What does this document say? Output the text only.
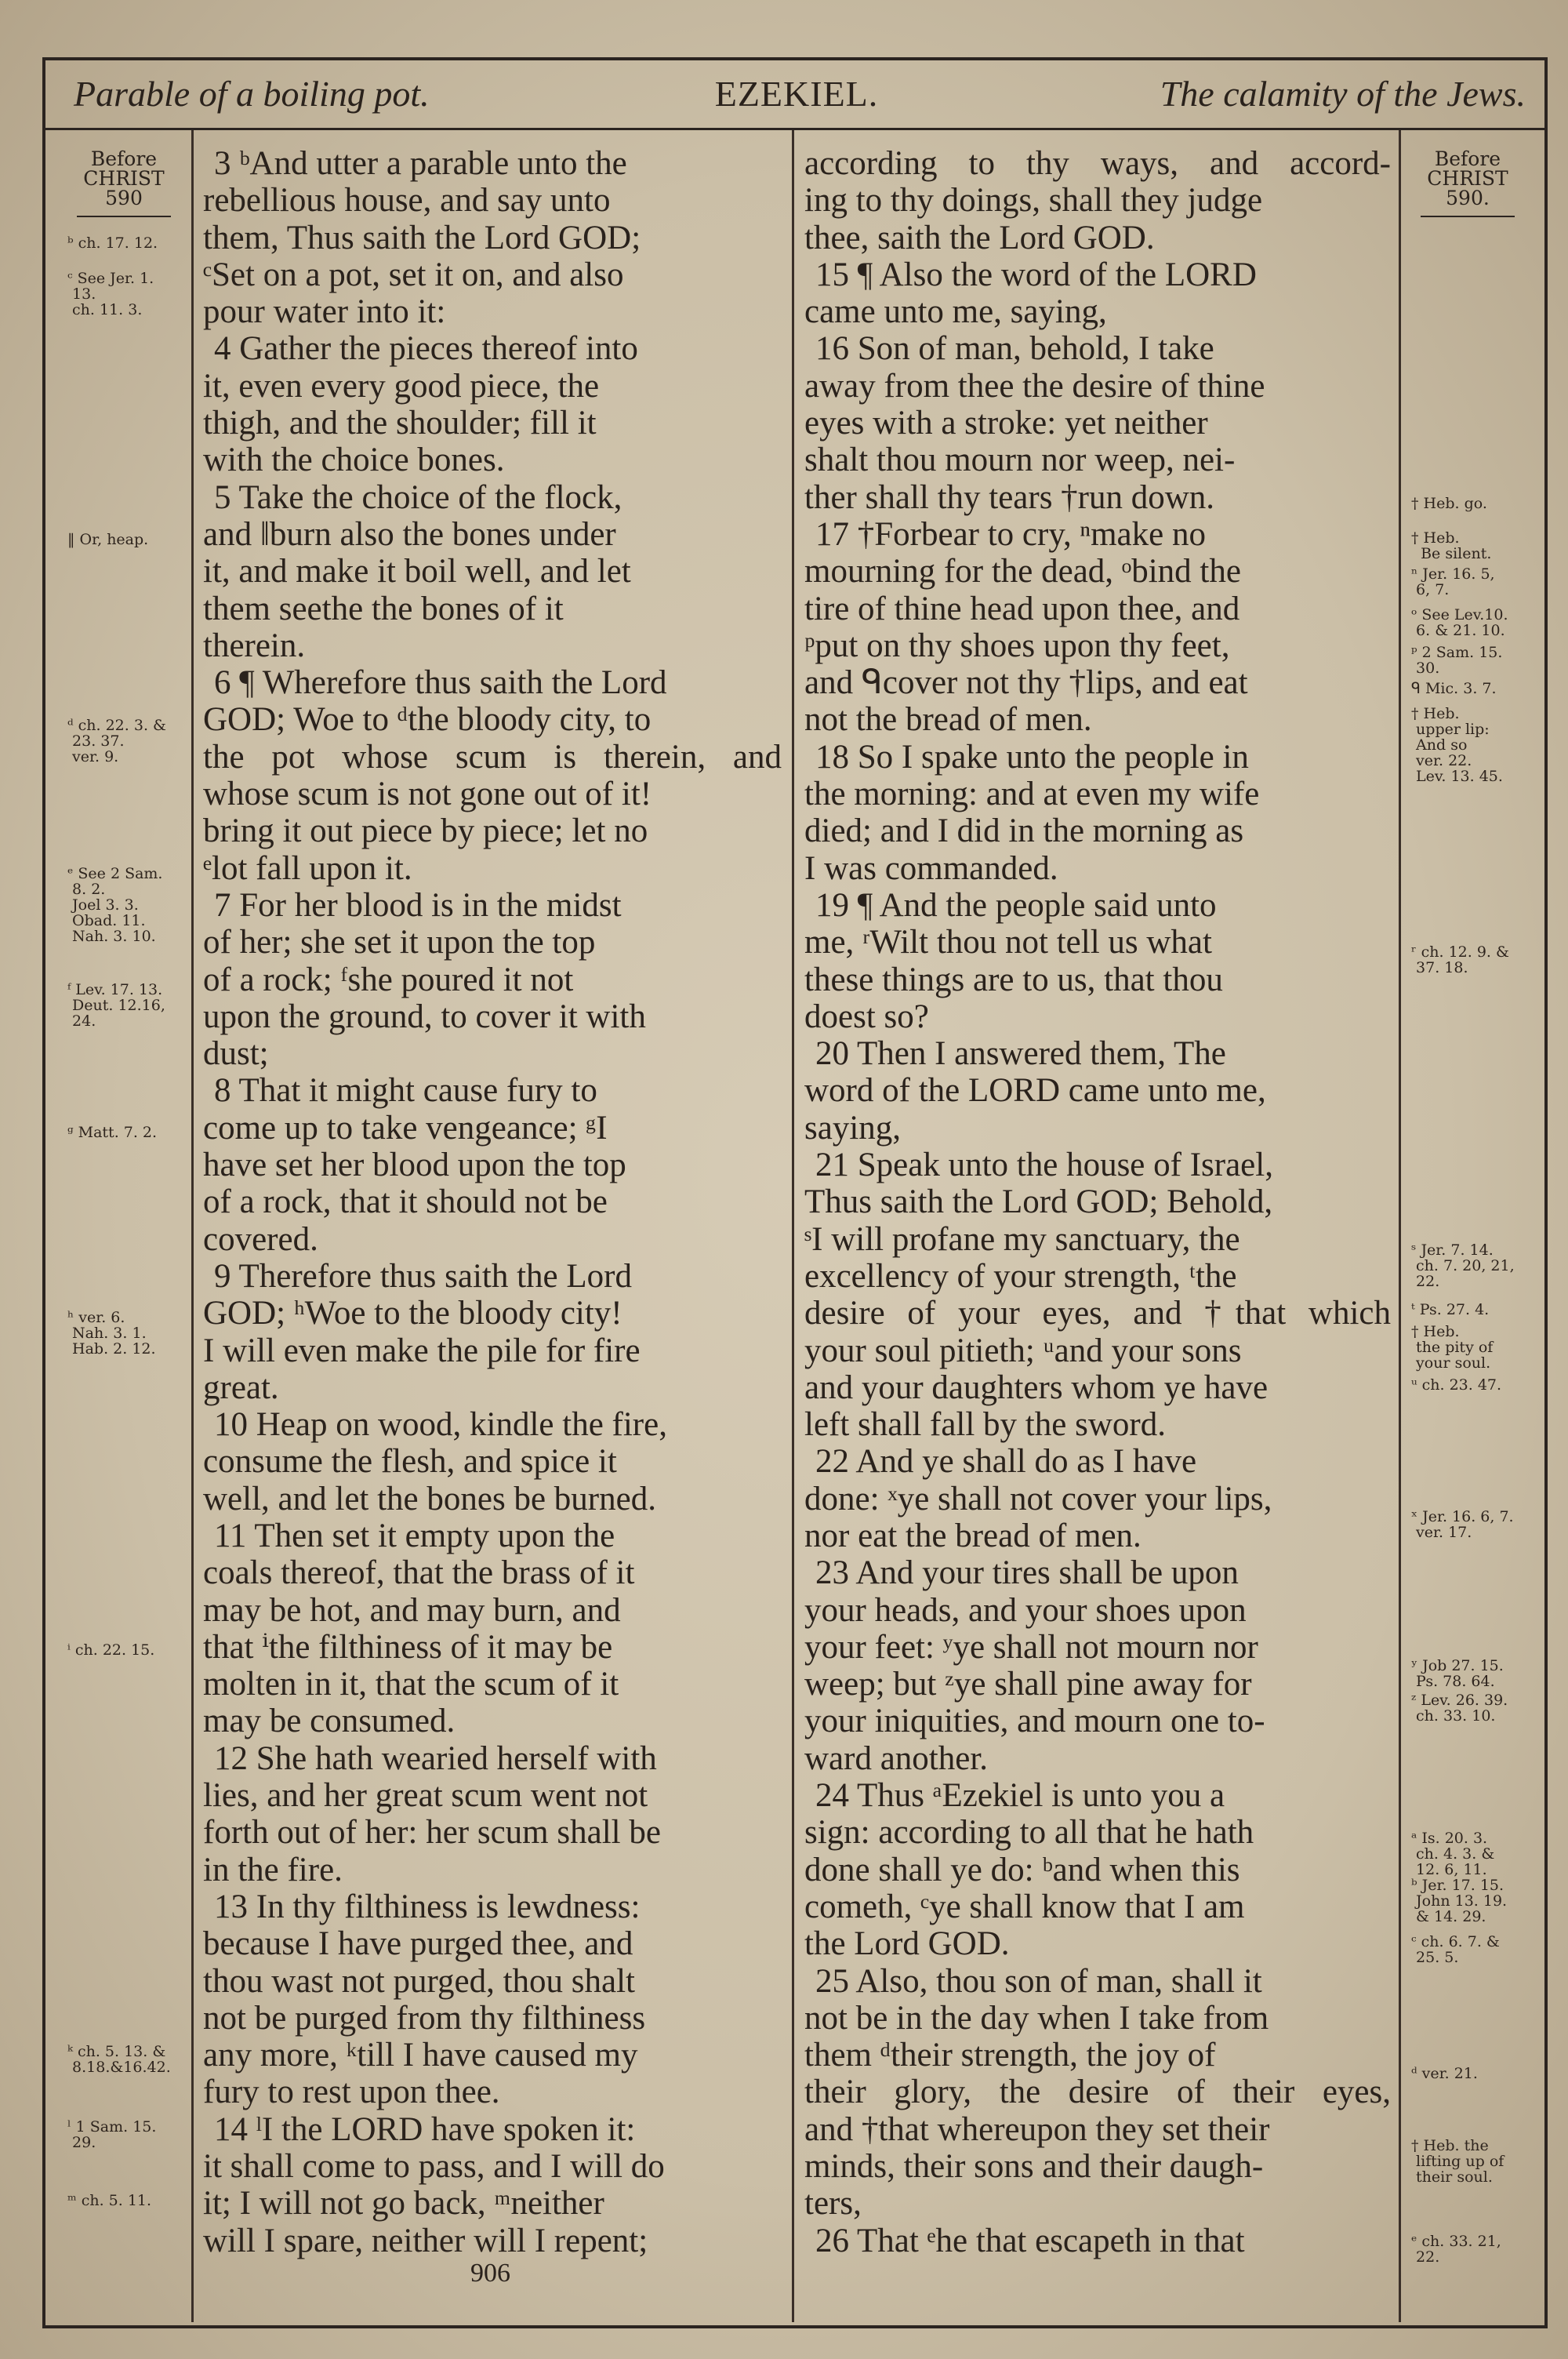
Parable of a boiling pot.	EZEKIEL.	The calamity of the Jews.
Before
CHRIST
590
Before
CHRIST
590.
3 ᵇAnd utter a parable unto the
rebellious house, and say unto
them, Thus saith the Lord GOD;
ᶜSet on a pot, set it on, and also
pour water into it:
4 Gather the pieces thereof into
it, even every good piece, the
thigh, and the shoulder; fill it
with the choice bones.
5 Take the choice of the flock,
and ‖burn also the bones under
it, and make it boil well, and let
them seethe the bones of it
therein.
6 ¶ Wherefore thus saith the Lord
GOD; Woe to ᵈthe bloody city, to
the pot whose scum is therein, and
whose scum is not gone out of it!
bring it out piece by piece; let no
ᵉlot fall upon it.
7 For her blood is in the midst
of her; she set it upon the top
of a rock; ᶠshe poured it not
upon the ground, to cover it with
dust;
8 That it might cause fury to
come up to take vengeance; ᵍI
have set her blood upon the top
of a rock, that it should not be
covered.
9 Therefore thus saith the Lord
GOD; ʰWoe to the bloody city!
I will even make the pile for fire
great.
10 Heap on wood, kindle the fire,
consume the flesh, and spice it
well, and let the bones be burned.
11 Then set it empty upon the
coals thereof, that the brass of it
may be hot, and may burn, and
that ⁱthe filthiness of it may be
molten in it, that the scum of it
may be consumed.
12 She hath wearied herself with
lies, and her great scum went not
forth out of her: her scum shall be
in the fire.
13 In thy filthiness is lewdness:
because I have purged thee, and
thou wast not purged, thou shalt
not be purged from thy filthiness
any more, ᵏtill I have caused my
fury to rest upon thee.
14 ˡI the LORD have spoken it:
it shall come to pass, and I will do
it; I will not go back, ᵐneither
will I spare, neither will I repent;
according to thy ways, and accord-
ing to thy doings, shall they judge
thee, saith the Lord GOD.
15 ¶ Also the word of the LORD
came unto me, saying,
16 Son of man, behold, I take
away from thee the desire of thine
eyes with a stroke: yet neither
shalt thou mourn nor weep, nei-
ther shall thy tears †run down.
17 †Forbear to cry, ⁿmake no
mourning for the dead, ᵒbind the
tire of thine head upon thee, and
ᵖput on thy shoes upon thy feet,
and ᑫcover not thy †lips, and eat
not the bread of men.
18 So I spake unto the people in
the morning: and at even my wife
died; and I did in the morning as
I was commanded.
19 ¶ And the people said unto
me, ʳWilt thou not tell us what
these things are to us, that thou
doest so?
20 Then I answered them, The
word of the LORD came unto me,
saying,
21 Speak unto the house of Israel,
Thus saith the Lord GOD; Behold,
ˢI will profane my sanctuary, the
excellency of your strength, ᵗthe
desire of your eyes, and †that which
your soul pitieth; ᵘand your sons
and your daughters whom ye have
left shall fall by the sword.
22 And ye shall do as I have
done: ˣye shall not cover your lips,
nor eat the bread of men.
23 And your tires shall be upon
your heads, and your shoes upon
your feet: ʸye shall not mourn nor
weep; but ᶻye shall pine away for
your iniquities, and mourn one to-
ward another.
24 Thus ᵃEzekiel is unto you a
sign: according to all that he hath
done shall ye do: ᵇand when this
cometh, ᶜye shall know that I am
the Lord GOD.
25 Also, thou son of man, shall it
not be in the day when I take from
them ᵈtheir strength, the joy of
their glory, the desire of their eyes,
and †that whereupon they set their
minds, their sons and their daugh-
ters,
26 That ᵉhe that escapeth in that
ᵇ ch. 17. 12.
ᶜ See Jer. 1.
13.
ch. 11. 3.
‖ Or, heap.
ᵈ ch. 22. 3. &
23. 37.
ver. 9.
ᵉ See 2 Sam.
8. 2.
Joel 3. 3.
Obad. 11.
Nah. 3. 10.
ᶠ Lev. 17. 13.
Deut. 12.16,
24.
ᵍ Matt. 7. 2.
ʰ ver. 6.
Nah. 3. 1.
Hab. 2. 12.
ⁱ ch. 22. 15.
ᵏ ch. 5. 13. &
8.18.&16.42.
ˡ 1 Sam. 15.
29.
ᵐ ch. 5. 11.
† Heb. go.
† Heb.
Be silent.
ⁿ Jer. 16. 5,
6, 7.
ᵒ See Lev.10.
6. & 21. 10.
ᵖ 2 Sam. 15.
30.
ᑫ Mic. 3. 7.
† Heb.
upper lip:
And so
ver. 22.
Lev. 13. 45.
ʳ ch. 12. 9. &
37. 18.
ˢ Jer. 7. 14.
ch. 7. 20, 21,
22.
ᵗ Ps. 27. 4.
† Heb.
the pity of
your soul.
ᵘ ch. 23. 47.
ˣ Jer. 16. 6, 7.
ver. 17.
ʸ Job 27. 15.
Ps. 78. 64.
ᶻ Lev. 26. 39.
ch. 33. 10.
ᵃ Is. 20. 3.
ch. 4. 3. &
12. 6, 11.
ᵇ Jer. 17. 15.
John 13. 19.
& 14. 29.
ᶜ ch. 6. 7. &
25. 5.
ᵈ ver. 21.
† Heb. the
lifting up of
their soul.
ᵉ ch. 33. 21,
22.
906
